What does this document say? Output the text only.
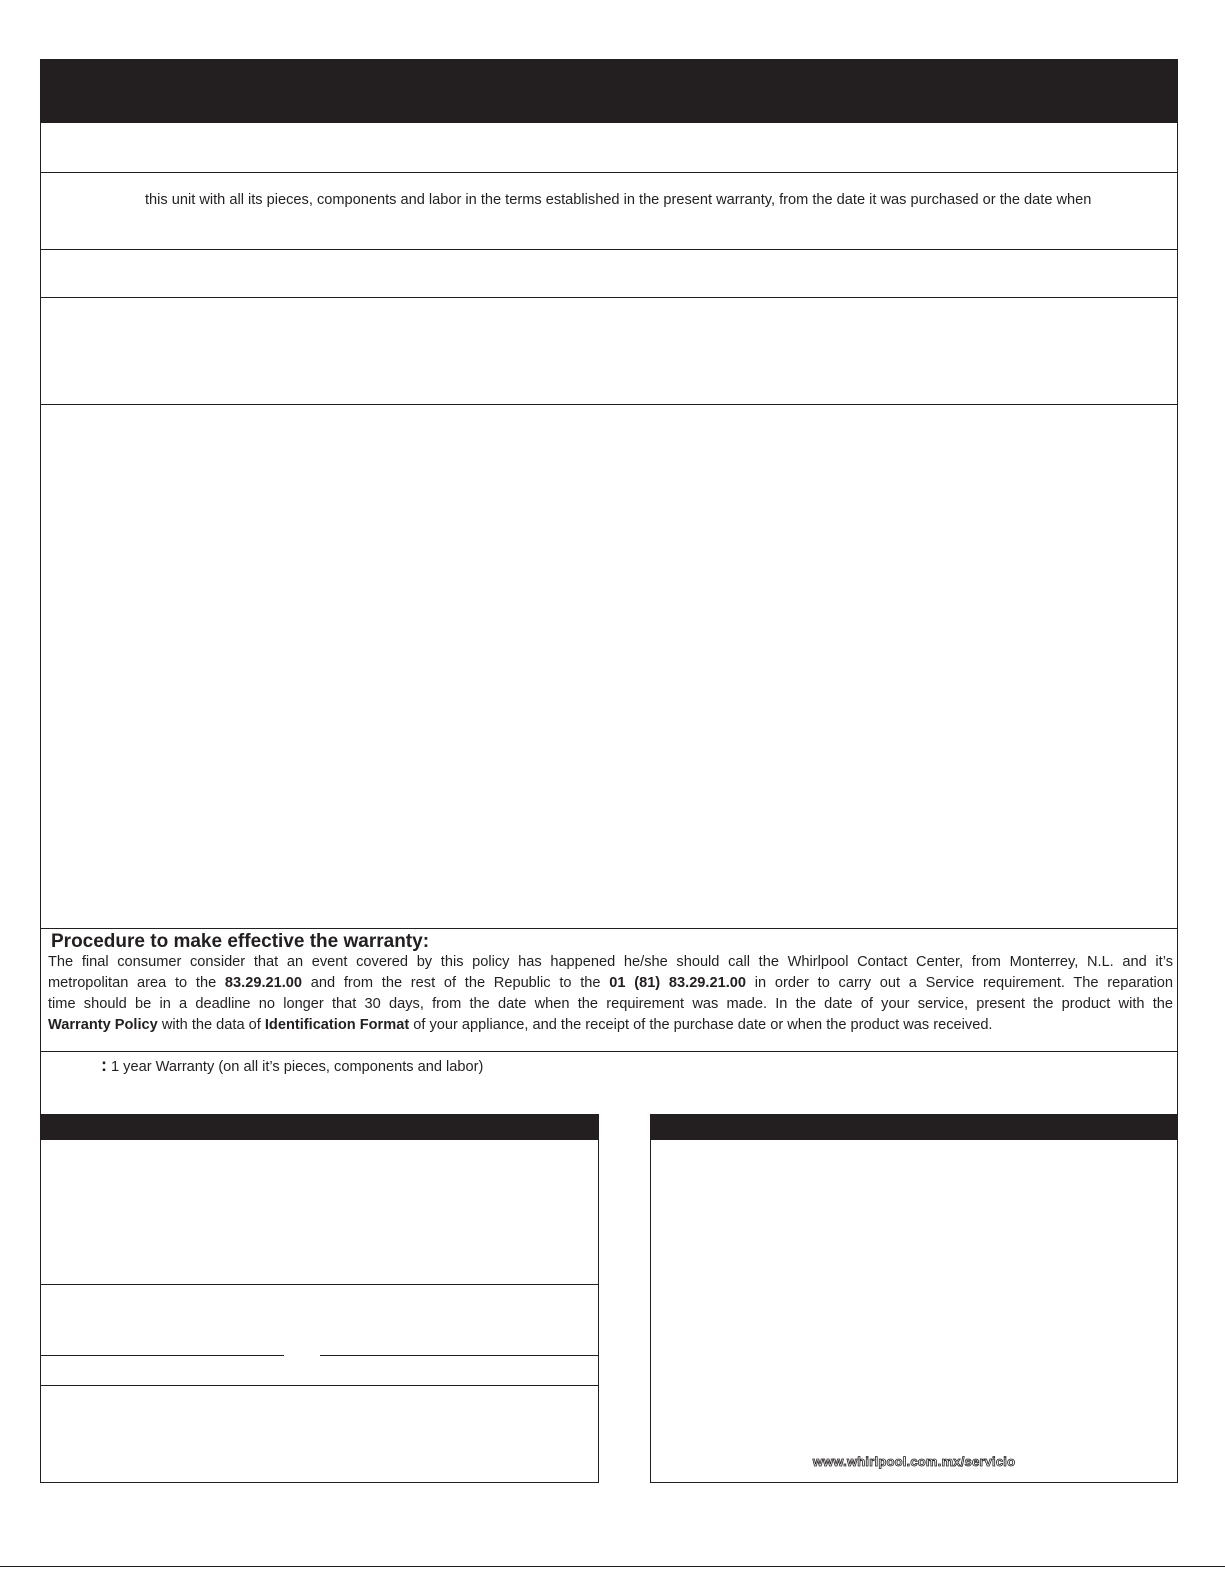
this unit with all its pieces, components and labor in the terms established in the present warranty, from the date it was purchased or the date when
Procedure to make effective the warranty:
The final consumer consider that an event covered by this policy has happened he/she should call the Whirlpool Contact Center, from Monterrey, N.L. and it’s
metropolitan area to the 83.29.21.00 and from the rest of the Republic to the 01 (81) 83.29.21.00 in order to carry out a Service requirement. The reparation
time should be in a deadline no longer that 30 days, from the date when the requirement was made. In the date of your service, present the product with the
Warranty Policy with the data of Identification Format of your appliance, and the receipt of the purchase date or when the product was received.
: 1 year Warranty (on all it’s pieces, components and labor)
www.whirlpool.com.mx/servicio
